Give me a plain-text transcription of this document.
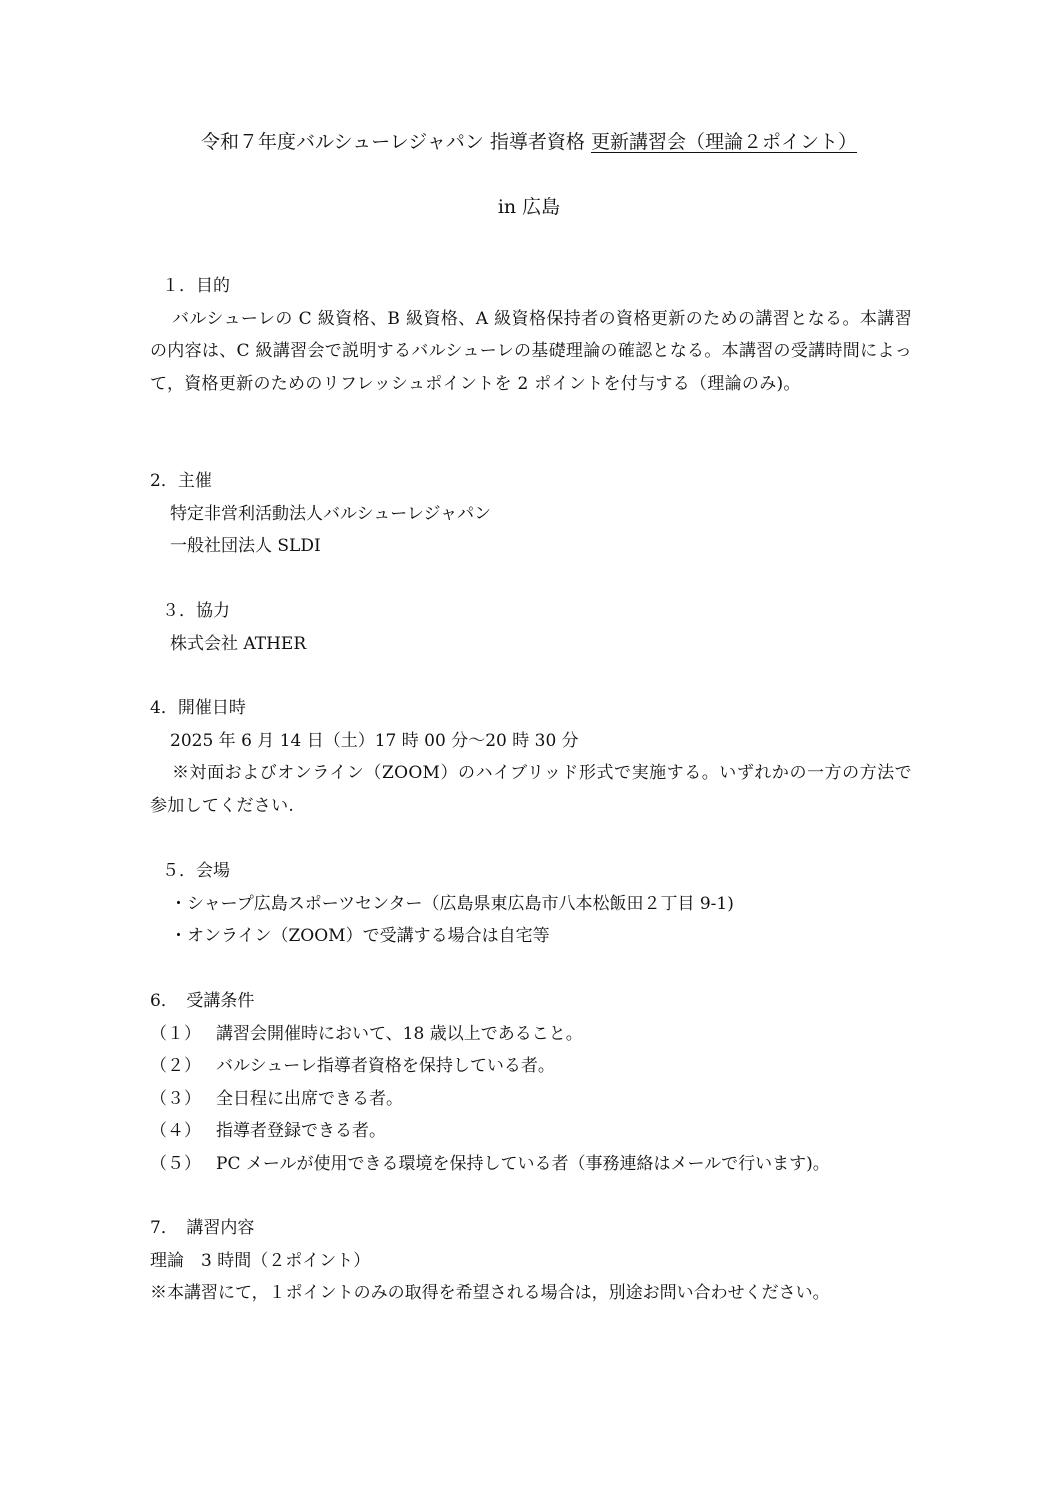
令和７年度バルシューレジャパン 指導者資格 更新講習会（理論２ポイント）
in 広島
１．目的
バルシューレの C 級資格、B 級資格、A 級資格保持者の資格更新のための講習となる。本講習の内容は、C 級講習会で説明するバルシューレの基礎理論の確認となる。本講習の受講時間によって，資格更新のためのリフレッシュポイントを 2 ポイントを付与する（理論のみ)。
2．主催
特定非営利活動法人バルシューレジャパン
一般社団法人 SLDI
３．協力
株式会社 ATHER
4．開催日時
2025 年 6 月 14 日（土）17 時 00 分～20 時 30 分
※対面およびオンライン（ZOOM）のハイブリッド形式で実施する。いずれかの一方の方法で参加してください.
５．会場
・シャープ広島スポーツセンター（広島県東広島市八本松飯田２丁目 9-1)
・オンライン（ZOOM）で受講する場合は自宅等
6．　受講条件
（１） 講習会開催時において、18 歳以上であること。
（２） バルシューレ指導者資格を保持している者。
（３） 全日程に出席できる者。
（４） 指導者登録できる者。
（５） PC メールが使用できる環境を保持している者（事務連絡はメールで行います)。
7．　講習内容
理論　3 時間（２ポイント）
※本講習にて，１ポイントのみの取得を希望される場合は，別途お問い合わせください。
